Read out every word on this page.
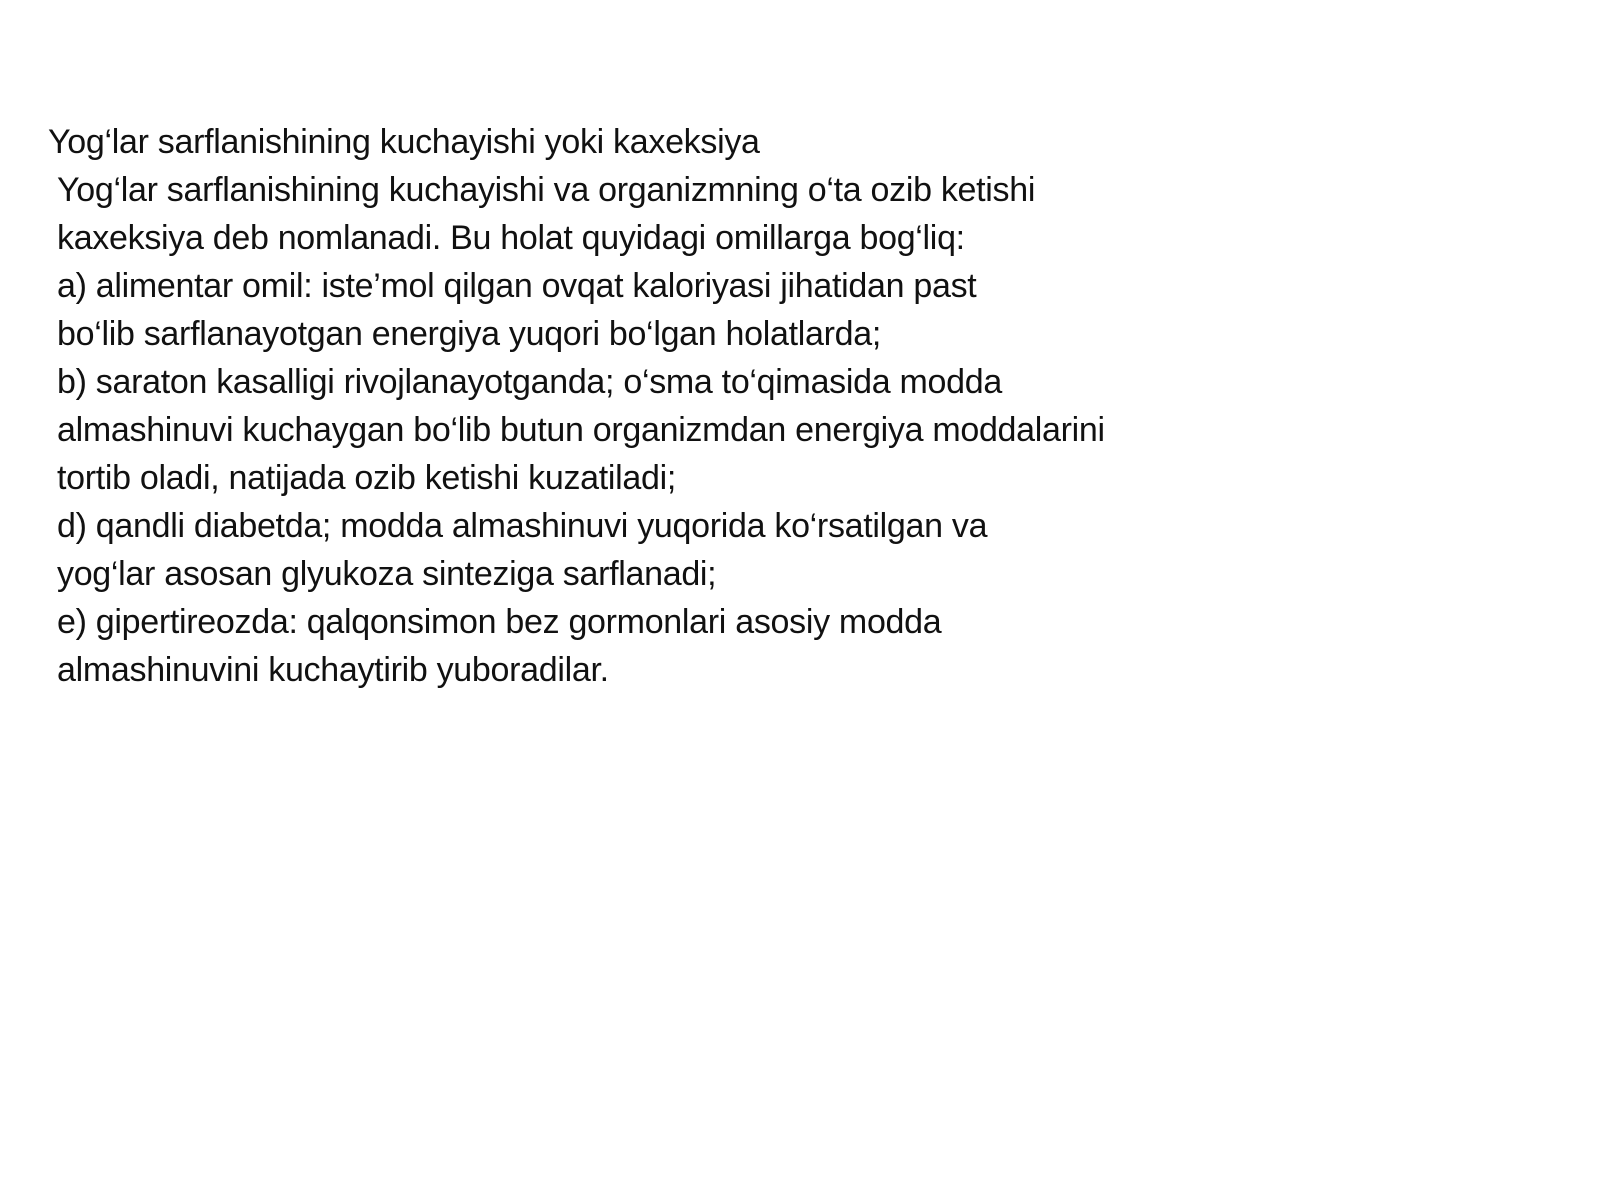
Yog‘lar sarflanishining kuchayishi yoki kaxeksiya
Yog‘lar sarflanishining kuchayishi va organizmning o‘ta ozib ketishi
kaxeksiya deb nomlanadi. Bu holat quyidagi omillarga bog‘liq:
a) alimentar omil: iste’mol qilgan ovqat kaloriyasi jihatidan past
bo‘lib sarflanayotgan energiya yuqori bo‘lgan holatlarda;
b) saraton kasalligi rivojlanayotganda; o‘sma to‘qimasida modda
almashinuvi kuchaygan bo‘lib butun organizmdan energiya moddalarini
tortib oladi, natijada ozib ketishi kuzatiladi;
d) qandli diabetda; modda almashinuvi yuqorida ko‘rsatilgan va
yog‘lar asosan glyukoza sinteziga sarflanadi;
e) gipertireozda: qalqonsimon bez gormonlari asosiy modda
almashinuvini kuchaytirib yuboradilar.
